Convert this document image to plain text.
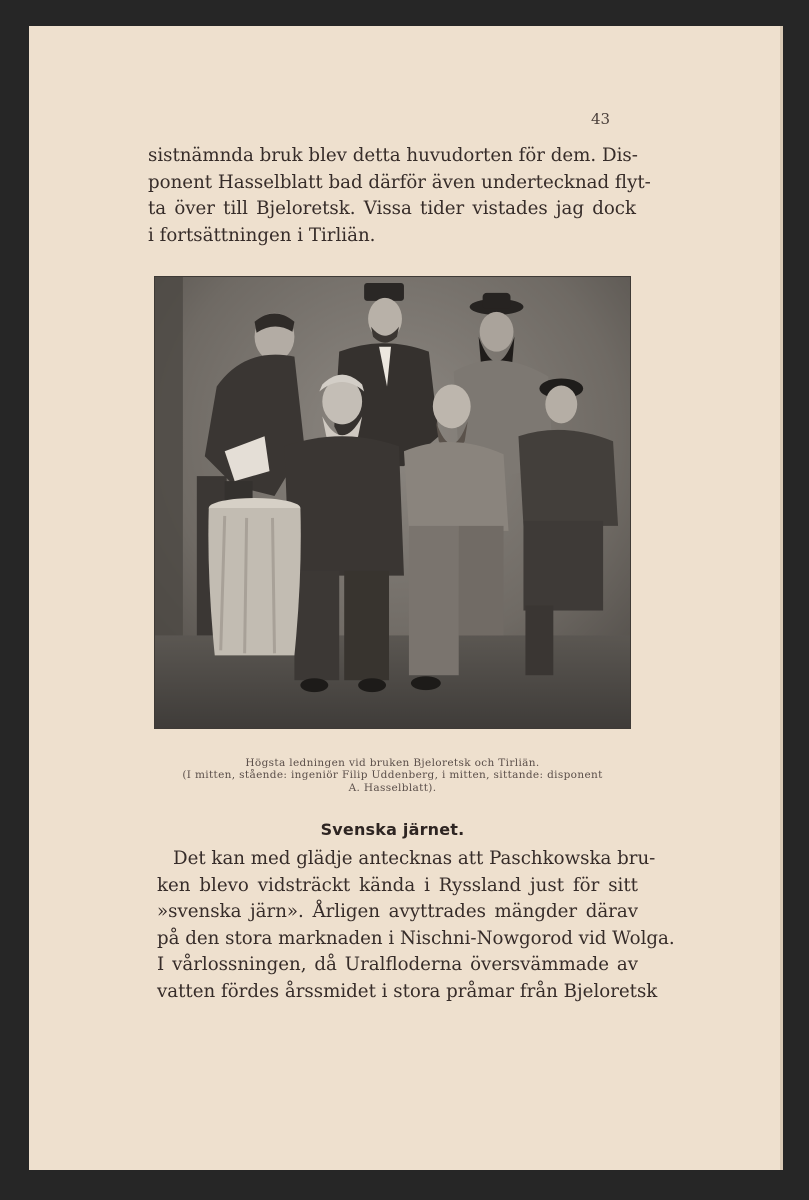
43

sistnämnda bruk blev detta huvudorten för dem. Dis-
ponent Hasselblatt bad därför även undertecknad flyt-
ta över till Bjeloretsk. Vissa tider vistades jag dock
i fortsättningen i Tirliän.

Högsta ledningen vid bruken Bjeloretsk och Tirliän.
(I mitten, stående: ingeniör Filip Uddenberg, i mitten, sittande: disponent
A. Hasselblatt).
Svenska järnet.

Det kan med glädje antecknas att Paschkowska bru-
ken blevo vidsträckt kända i Ryssland just för sitt
»svenska järn». Årligen avyttrades mängder därav
på den stora marknaden i Nischni-Nowgorod vid Wolga.
I vårlossningen, då Uralfloderna översvämmade av
vatten fördes årssmidet i stora pråmar från Bjeloretsk
